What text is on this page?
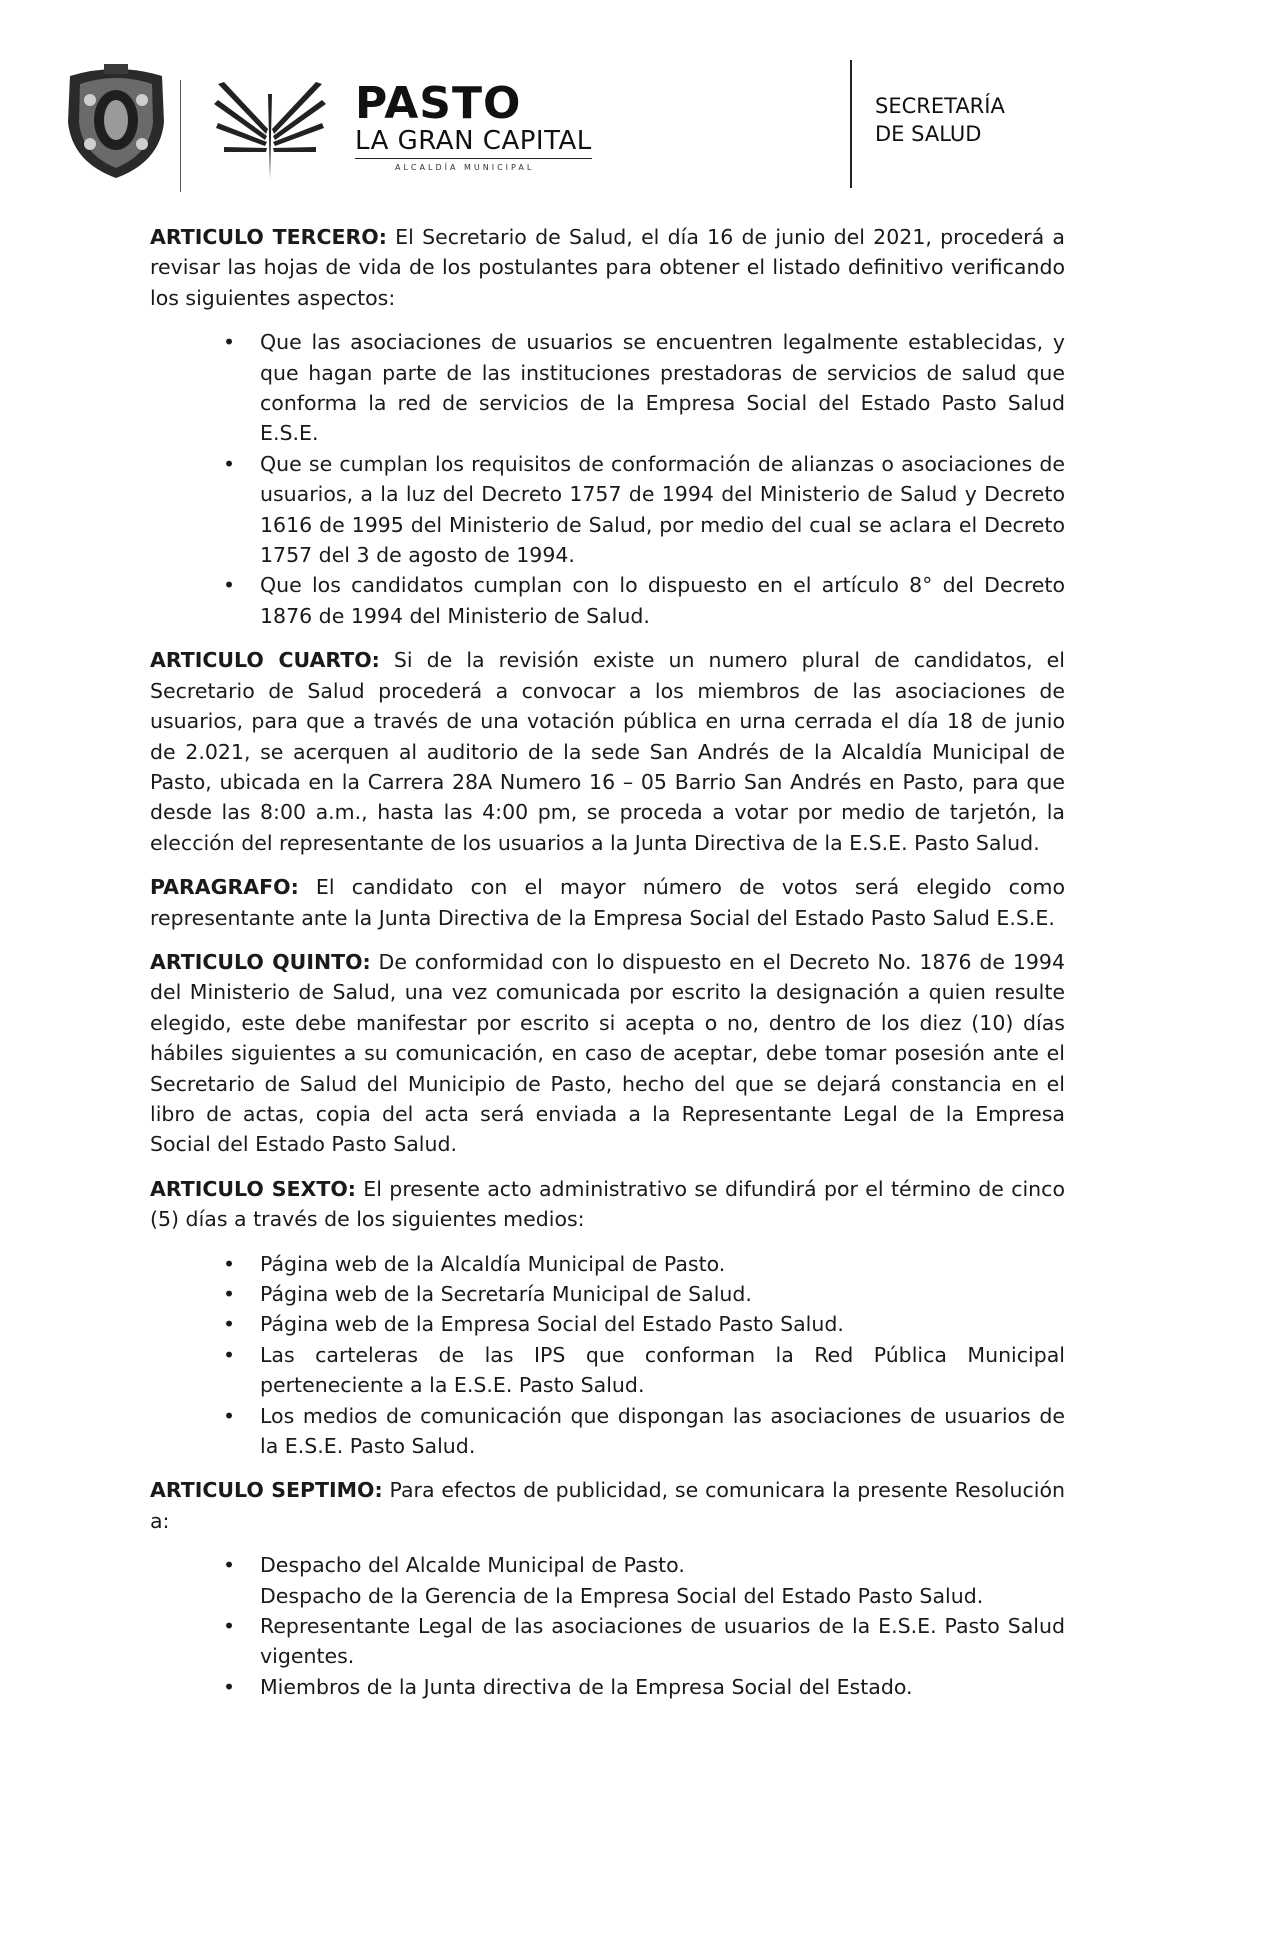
PASTO
LA GRAN CAPITAL
ALCALDÍA MUNICIPAL
SECRETARÍA
DE SALUD

ARTICULO TERCERO: El Secretario de Salud, el día 16 de junio del 2021, procederá a revisar las hojas de vida de los postulantes para obtener el listado definitivo verificando los siguientes aspectos:

• Que las asociaciones de usuarios se encuentren legalmente establecidas, y que hagan parte de las instituciones prestadoras de servicios de salud que conforma la red de servicios de la Empresa Social del Estado Pasto Salud E.S.E.
• Que se cumplan los requisitos de conformación de alianzas o asociaciones de usuarios, a la luz del Decreto 1757 de 1994 del Ministerio de Salud y Decreto 1616 de 1995 del Ministerio de Salud, por medio del cual se aclara el Decreto 1757 del 3 de agosto de 1994.
• Que los candidatos cumplan con lo dispuesto en el artículo 8° del Decreto 1876 de 1994 del Ministerio de Salud.

ARTICULO CUARTO: Si de la revisión existe un numero plural de candidatos, el Secretario de Salud procederá a convocar a los miembros de las asociaciones de usuarios, para que a través de una votación pública en urna cerrada el día 18 de junio de 2.021, se acerquen al auditorio de la sede San Andrés de la Alcaldía Municipal de Pasto, ubicada en la Carrera 28A Numero 16 – 05 Barrio San Andrés en Pasto, para que desde las 8:00 a.m., hasta las 4:00 pm, se proceda a votar por medio de tarjetón, la elección del representante de los usuarios a la Junta Directiva de la E.S.E. Pasto Salud.

PARAGRAFO: El candidato con el mayor número de votos será elegido como representante ante la Junta Directiva de la Empresa Social del Estado Pasto Salud E.S.E.

ARTICULO QUINTO: De conformidad con lo dispuesto en el Decreto No. 1876 de 1994 del Ministerio de Salud, una vez comunicada por escrito la designación a quien resulte elegido, este debe manifestar por escrito si acepta o no, dentro de los diez (10) días hábiles siguientes a su comunicación, en caso de aceptar, debe tomar posesión ante el Secretario de Salud del Municipio de Pasto, hecho del que se dejará constancia en el libro de actas, copia del acta será enviada a la Representante Legal de la Empresa Social del Estado Pasto Salud.

ARTICULO SEXTO: El presente acto administrativo se difundirá por el término de cinco (5) días a través de los siguientes medios:

• Página web de la Alcaldía Municipal de Pasto.
• Página web de la Secretaría Municipal de Salud.
• Página web de la Empresa Social del Estado Pasto Salud.
• Las carteleras de las IPS que conforman la Red Pública Municipal perteneciente a la E.S.E. Pasto Salud.
• Los medios de comunicación que dispongan las asociaciones de usuarios de la E.S.E. Pasto Salud.

ARTICULO SEPTIMO: Para efectos de publicidad, se comunicara la presente Resolución a:

• Despacho del Alcalde Municipal de Pasto.
Despacho de la Gerencia de la Empresa Social del Estado Pasto Salud.
• Representante Legal de las asociaciones de usuarios de la E.S.E. Pasto Salud vigentes.
• Miembros de la Junta directiva de la Empresa Social del Estado.
